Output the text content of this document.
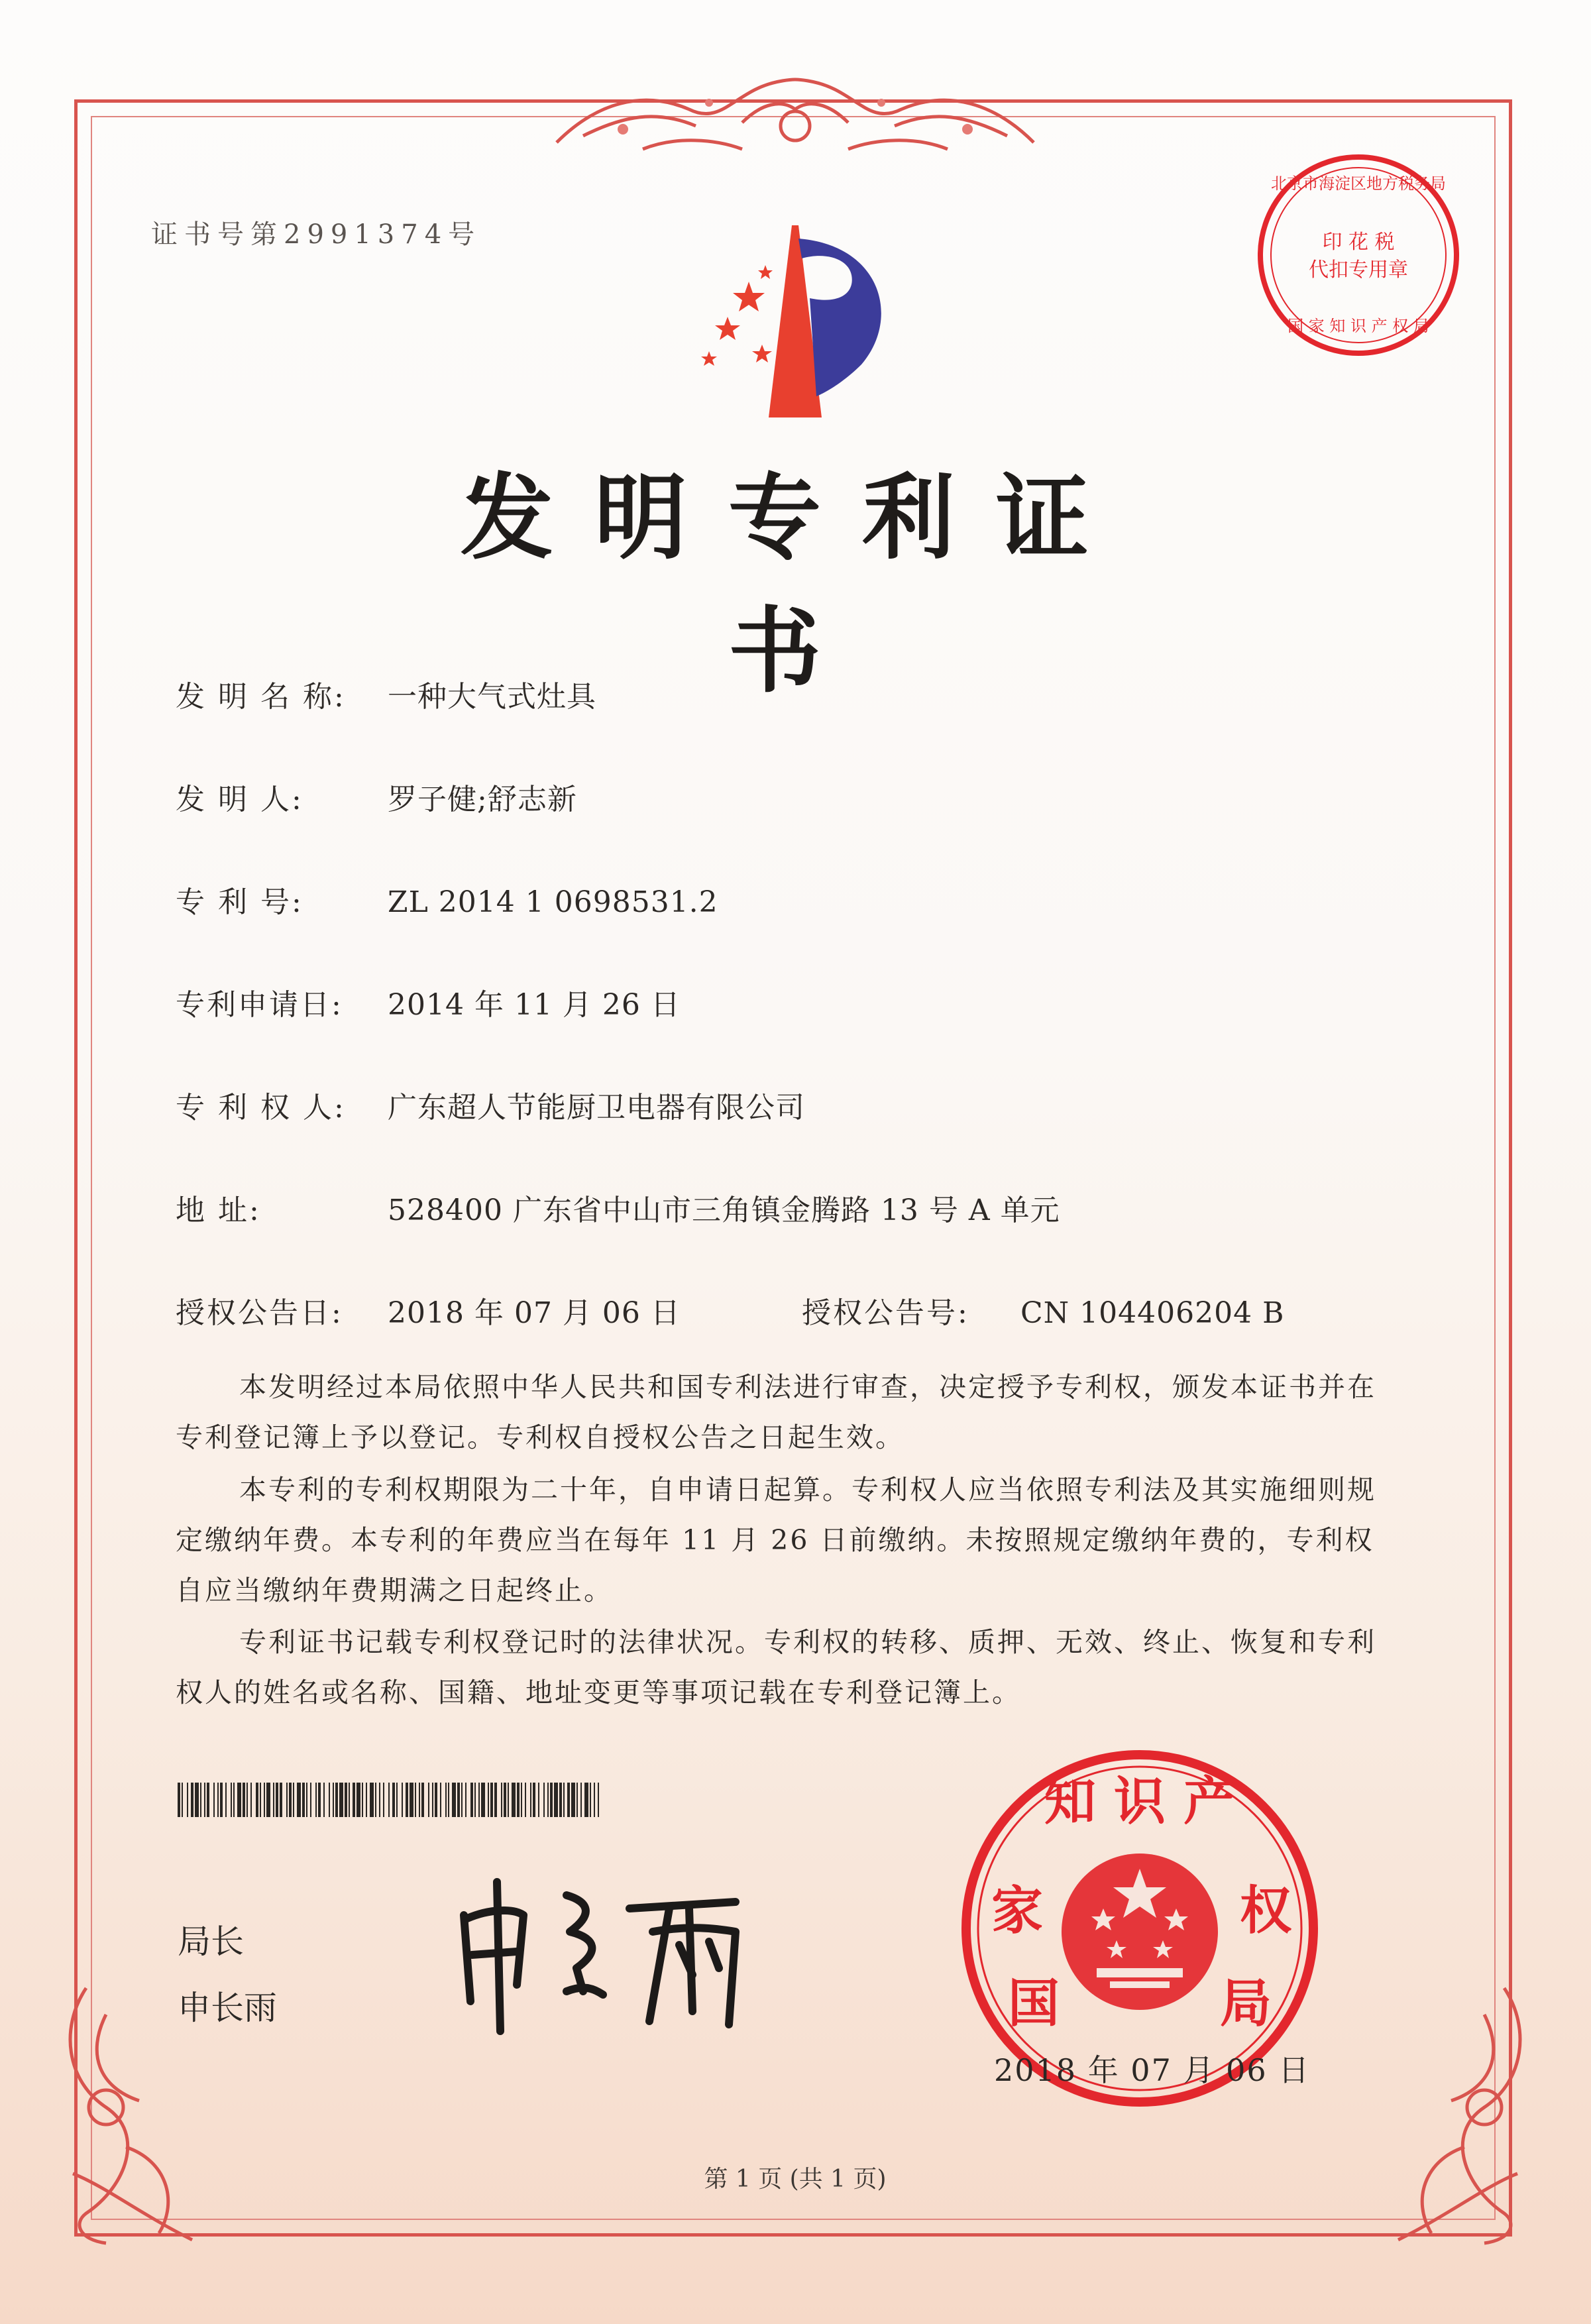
证书号第2991374号	印 花 税
代扣专用章
北京市海淀区地方税务局
国 家 知 识 产 权 局
发明专利证书
发 明 名 称: 一种大气式灶具
发 明 人:	罗子健;舒志新
专 利 号:	ZL 2014 1 0698531.2
专利申请日: 2014 年 11 月 26 日
专 利 权 人: 广东超人节能厨卫电器有限公司
地 址:	528400 广东省中山市三角镇金腾路 13 号 A 单元
授权公告日: 2018 年 07 月 06 日	授权公告号: CN 104406204 B
本发明经过本局依照中华人民共和国专利法进行审查，决定授予专利权，颁发本证书并在专利登记簿上予以登记。专利权自授权公告之日起生效。
本专利的专利权期限为二十年，自申请日起算。专利权人应当依照专利法及其实施细则规定缴纳年费。本专利的年费应当在每年 11 月 26 日前缴纳。未按照规定缴纳年费的，专利权自应当缴纳年费期满之日起终止。
专利证书记载专利权登记时的法律状况。专利权的转移、质押、无效、终止、恢复和专利权人的姓名或名称、国籍、地址变更等事项记载在专利登记簿上。
局长
申长雨
知 识 产
家	权
国	局
2018 年 07 月 06 日
第 1 页 (共 1 页)
